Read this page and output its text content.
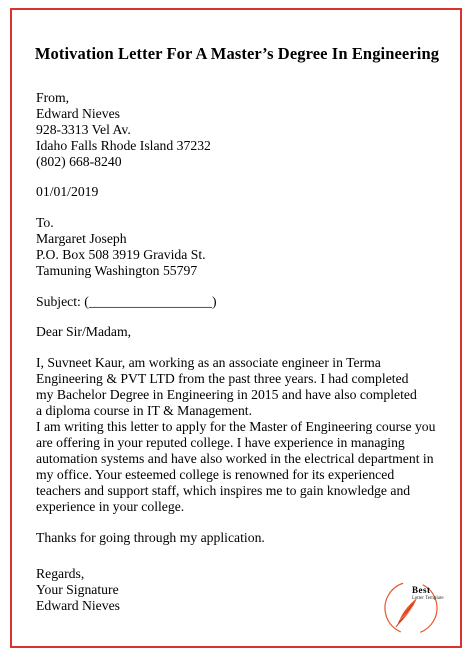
Motivation Letter For A Master’s Degree In Engineering
From,
Edward Nieves
928-3313 Vel Av.
Idaho Falls Rhode Island 37232
(802) 668-8240
01/01/2019
To.
Margaret Joseph
P.O. Box 508 3919 Gravida St.
Tamuning Washington 55797
Subject: (__________________)
Dear Sir/Madam,
I, Suvneet Kaur, am working as an associate engineer in Terma
Engineering & PVT LTD from the past three years. I had completed
my Bachelor Degree in Engineering in 2015 and have also completed
a diploma course in IT & Management.
I am writing this letter to apply for the Master of Engineering course you
are offering in your reputed college. I have experience in managing
automation systems and have also worked in the electrical department in
my office. Your esteemed college is renowned for its experienced
teachers and support staff, which inspires me to gain knowledge and
experience in your college.
Thanks for going through my application.
Regards,
Your Signature
Edward Nieves
Best
Letter Template
